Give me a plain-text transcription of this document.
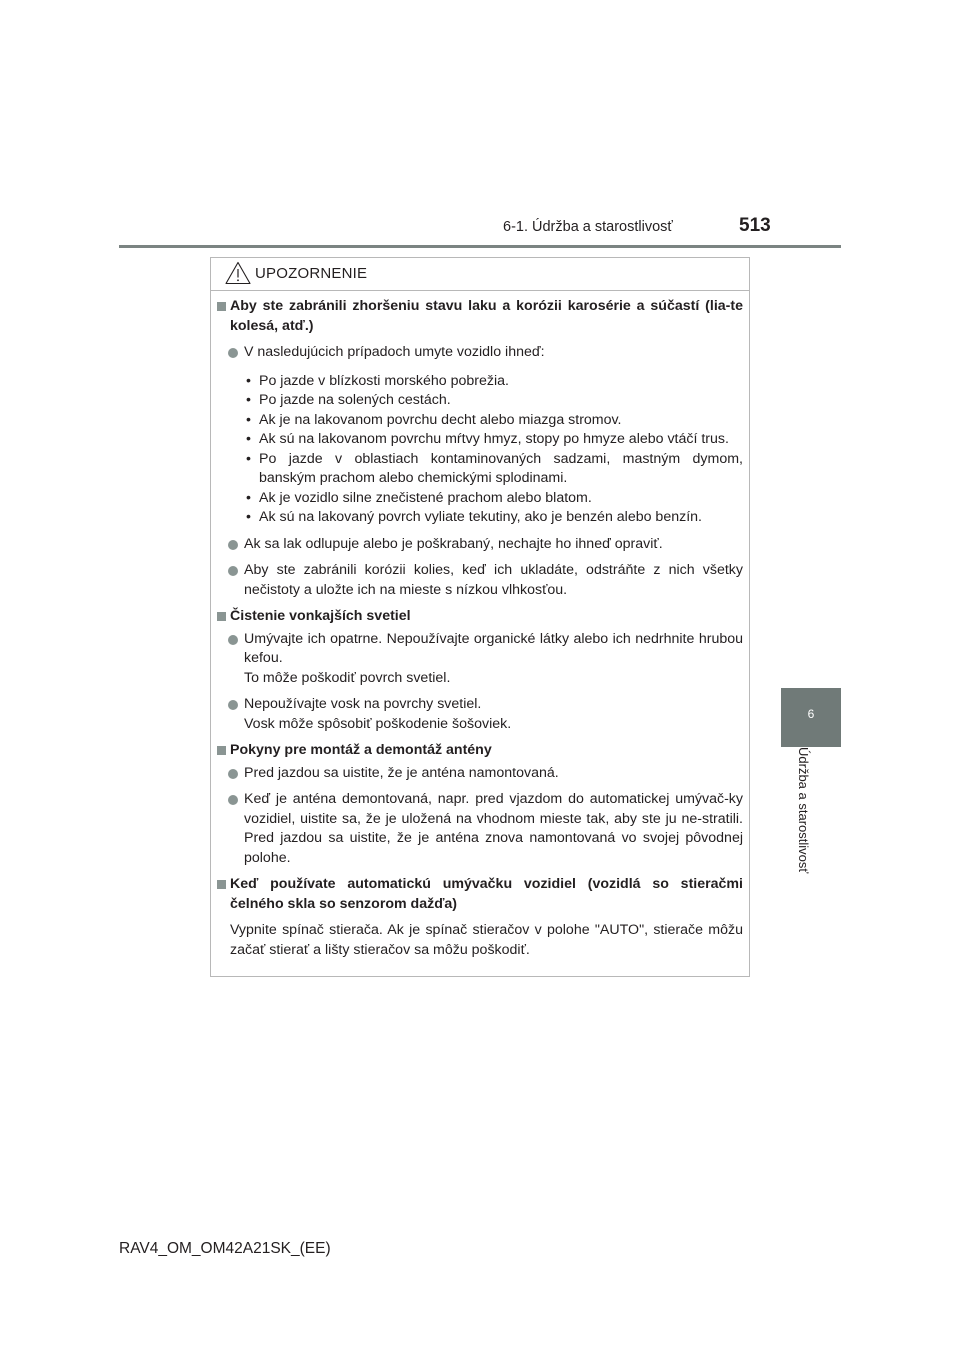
6-1. Údržba a starostlivosť	513
6
Údržba a starostlivosť
UPOZORNENIE
Aby ste zabránili zhoršeniu stavu laku a korózii karosérie a súčastí (lia-te kolesá, atď.)
V nasledujúcich prípadoch umyte vozidlo ihneď:
• Po jazde v blízkosti morského pobrežia.
• Po jazde na solených cestách.
• Ak je na lakovanom povrchu decht alebo miazga stromov.
• Ak sú na lakovanom povrchu mŕtvy hmyz, stopy po hmyze alebo vtáčí trus.
• Po jazde v oblastiach kontaminovaných sadzami, mastným dymom, banským prachom alebo chemickými splodinami.
• Ak je vozidlo silne znečistené prachom alebo blatom.
• Ak sú na lakovaný povrch vyliate tekutiny, ako je benzén alebo benzín.
Ak sa lak odlupuje alebo je poškrabaný, nechajte ho ihneď opraviť.
Aby ste zabránili korózii kolies, keď ich ukladáte, odstráňte z nich všetky nečistoty a uložte ich na mieste s nízkou vlhkosťou.
Čistenie vonkajších svetiel
Umývajte ich opatrne. Nepoužívajte organické látky alebo ich nedrhnite hrubou kefou.
To môže poškodiť povrch svetiel.
Nepoužívajte vosk na povrchy svetiel.
Vosk môže spôsobiť poškodenie šošoviek.
Pokyny pre montáž a demontáž antény
Pred jazdou sa uistite, že je anténa namontovaná.
Keď je anténa demontovaná, napr. pred vjazdom do automatickej umývač-ky vozidiel, uistite sa, že je uložená na vhodnom mieste tak, aby ste ju ne-stratili. Pred jazdou sa uistite, že je anténa znova namontovaná vo svojej pôvodnej polohe.
Keď používate automatickú umývačku vozidiel (vozidlá so stieračmi čelného skla so senzorom dažďa)
Vypnite spínač stierača. Ak je spínač stieračov v polohe "AUTO", stierače môžu začať stierať a lišty stieračov sa môžu poškodiť.
RAV4_OM_OM42A21SK_(EE)
